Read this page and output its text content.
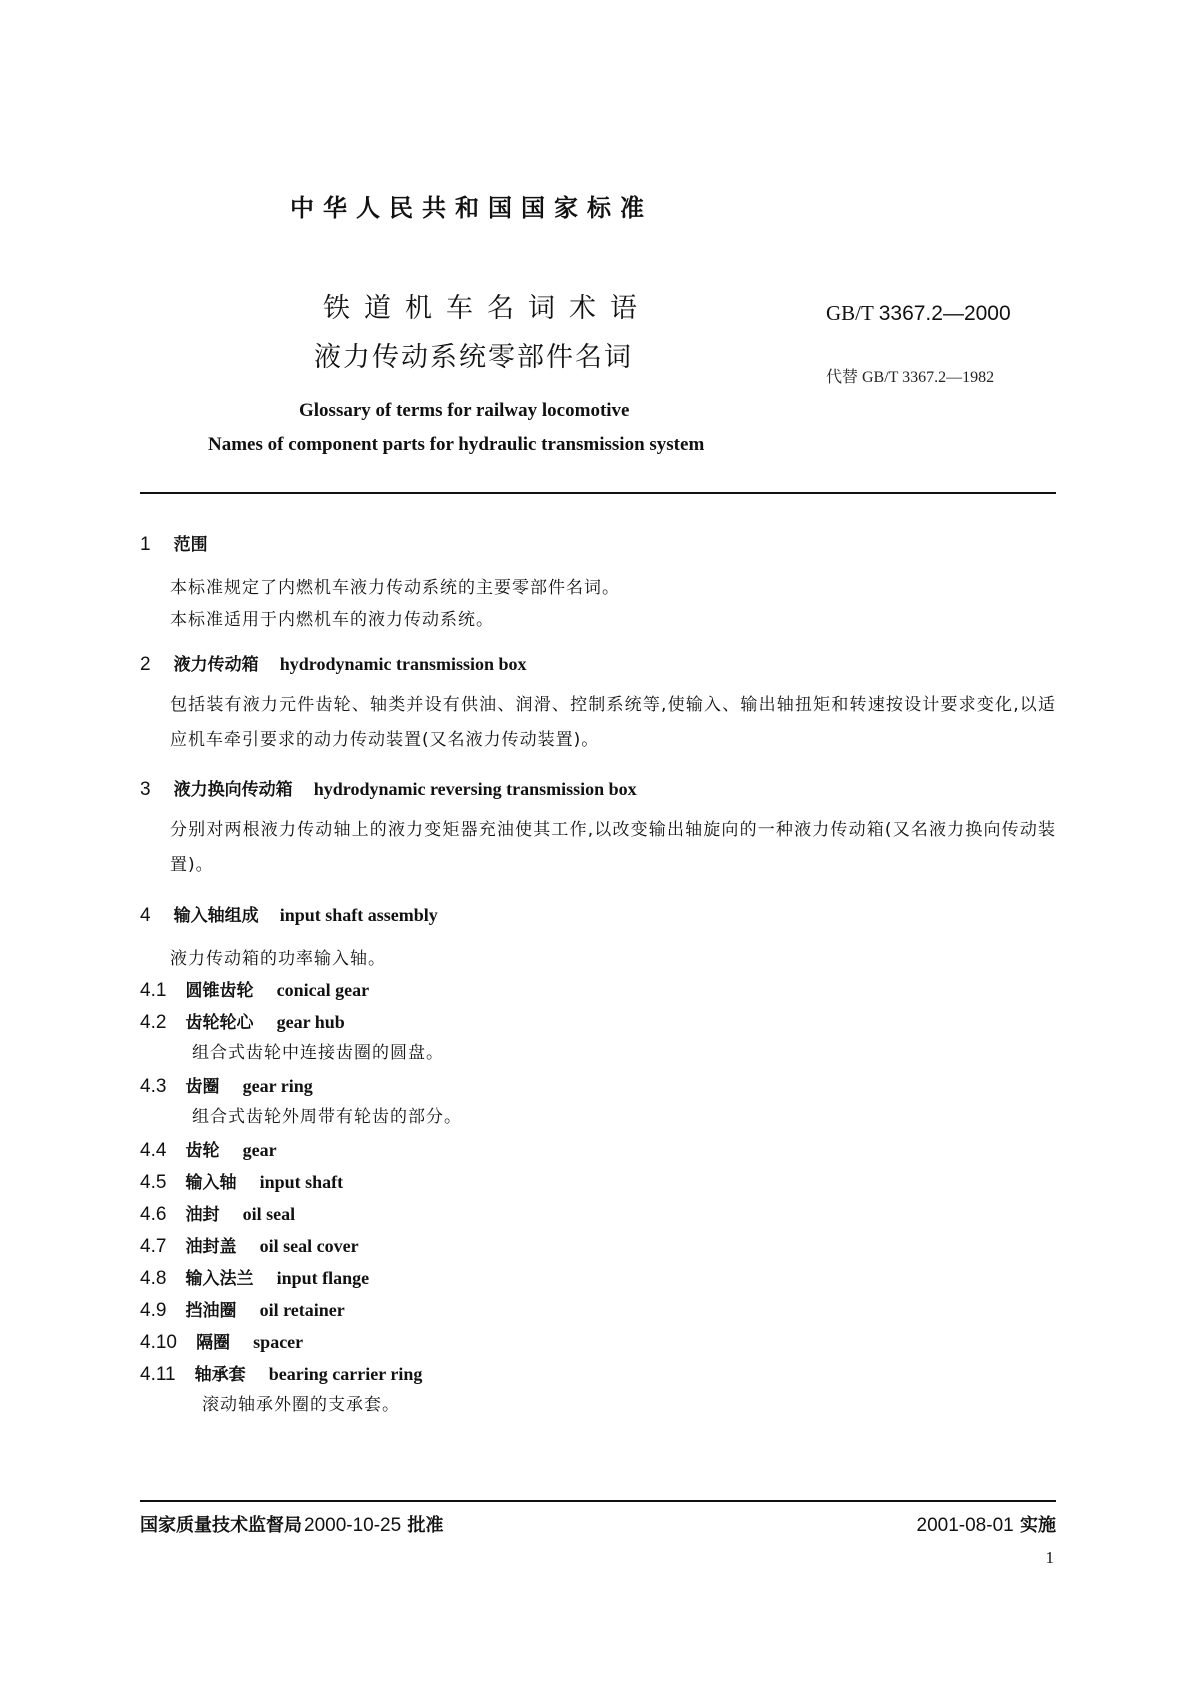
中华人民共和国国家标准
铁道机车名词术语
液力传动系统零部件名词
GB/T 3367.2—2000
代替 GB/T 3367.2—1982
Glossary of terms for railway locomotive
Names of component parts for hydraulic transmission system
1 范围
本标准规定了内燃机车液力传动系统的主要零部件名词。
本标准适用于内燃机车的液力传动系统。
2 液力传动箱 hydrodynamic transmission box
包括装有液力元件齿轮、轴类并设有供油、润滑、控制系统等,使输入、输出轴扭矩和转速按设计要求变化,以适应机车牵引要求的动力传动装置(又名液力传动装置)。
3 液力换向传动箱 hydrodynamic reversing transmission box
分别对两根液力传动轴上的液力变矩器充油使其工作,以改变输出轴旋向的一种液力传动箱(又名液力换向传动装置)。
4 输入轴组成 input shaft assembly
液力传动箱的功率输入轴。
4.1 圆锥齿轮 conical gear
4.2 齿轮轮心 gear hub
组合式齿轮中连接齿圈的圆盘。
4.3 齿圈 gear ring
组合式齿轮外周带有轮齿的部分。
4.4 齿轮 gear
4.5 输入轴 input shaft
4.6 油封 oil seal
4.7 油封盖 oil seal cover
4.8 输入法兰 input flange
4.9 挡油圈 oil retainer
4.10 隔圈 spacer
4.11 轴承套 bearing carrier ring
滚动轴承外圈的支承套。
国家质量技术监督局 2000-10-25 批准	2001-08-01 实施
1
